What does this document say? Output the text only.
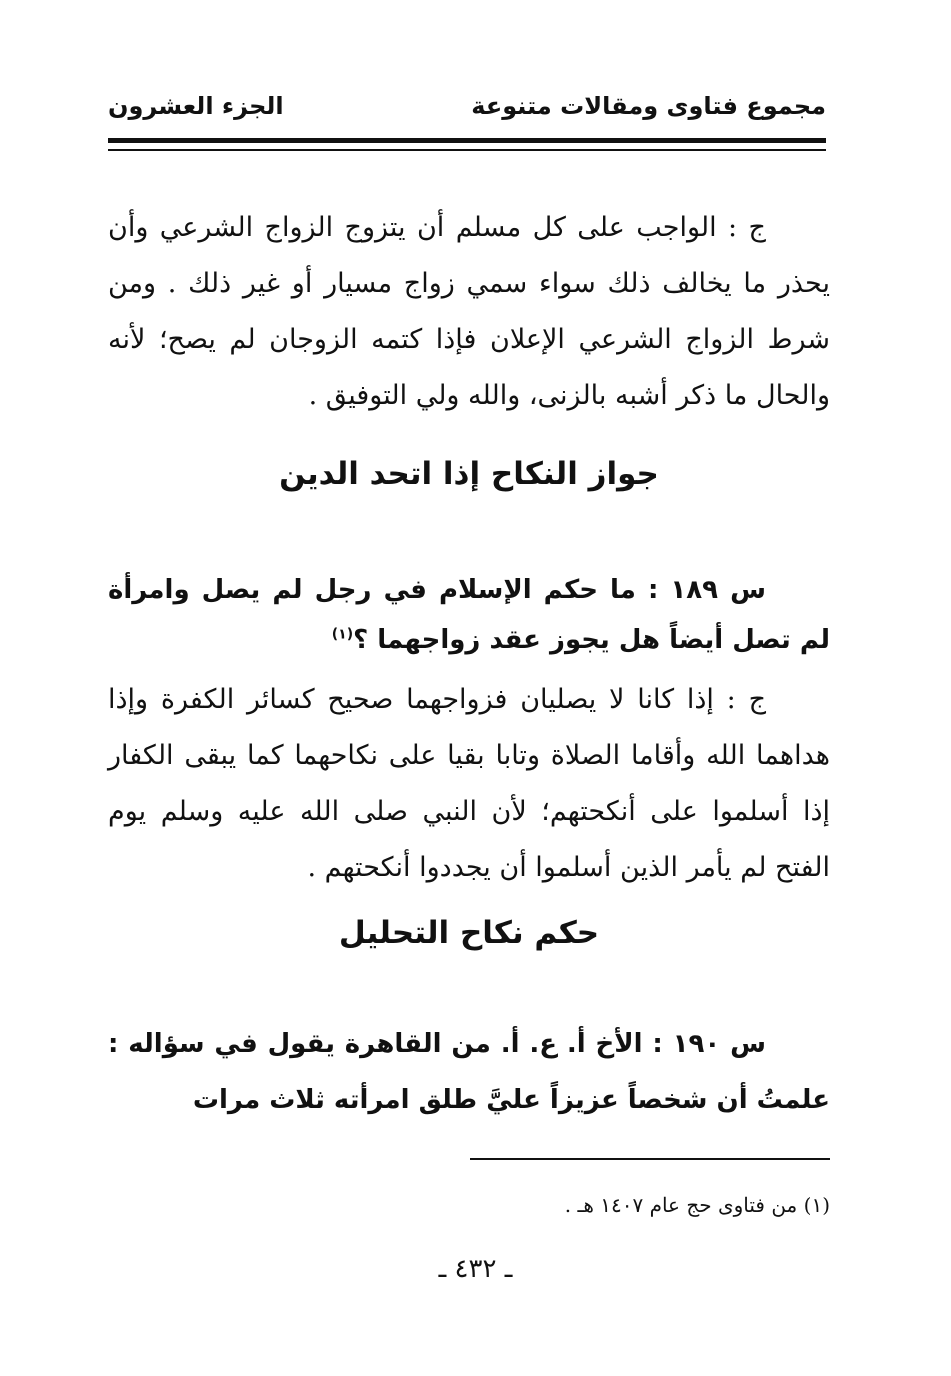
مجموع فتاوى ومقالات متنوعة
الجزء العشرون

ج : الواجب على كل مسلم أن يتزوج الزواج الشرعي وأن يحذر ما يخالف ذلك سواء سمي زواج مسيار أو غير ذلك . ومن شرط الزواج الشرعي الإعلان فإذا كتمه الزوجان لم يصح؛ لأنه والحال ما ذكر أشبه بالزنى، والله ولي التوفيق .

جواز النكاح إذا اتحد الدين

س ١٨٩ : ما حكم الإسلام في رجل لم يصل وامرأة لم تصل أيضاً هل يجوز عقد زواجهما ؟$^{(١)}$

ج : إذا كانا لا يصليان فزواجهما صحيح كسائر الكفرة وإذا هداهما الله وأقاما الصلاة وتابا بقيا على نكاحهما كما يبقى الكفار إذا أسلموا على أنكحتهم؛ لأن النبي صلى الله عليه وسلم يوم الفتح لم يأمر الذين أسلموا أن يجددوا أنكحتهم .

حكم نكاح التحليل

س ١٩٠ : الأخ أ. ع. أ. من القاهرة يقول في سؤاله : علمتُ أن شخصاً عزيزاً عليَّ طلق امرأته ثلاث مرات

(١) من فتاوى حج عام ١٤٠٧ هـ .
ـ ٤٣٢ ـ
